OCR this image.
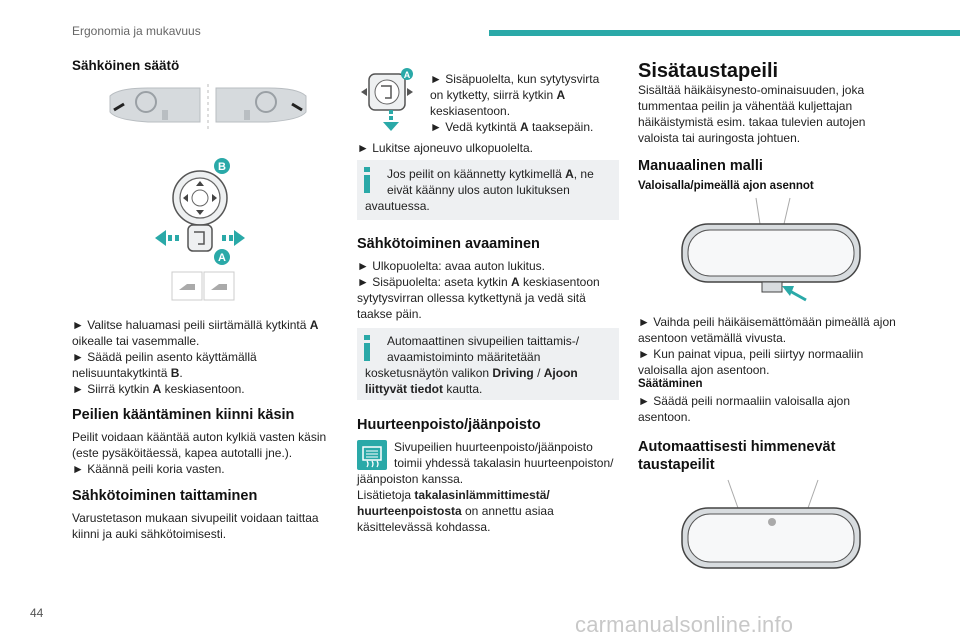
Ergonomia ja mukavuus
44	carmanualsonline.info
Sähköinen säätö
B
A
► Valitse haluamasi peili siirtämällä kytkintä A
oikealle tai vasemmalle.
► Säädä peilin asento käyttämällä
nelisuuntakytkintä B.
► Siirrä kytkin A keskiasentoon.
Peilien kääntäminen kiinni käsin
Peilit voidaan kääntää auton kylkiä vasten käsin
(este pysäköitäessä, kapea autotalli jne.).
► Käännä peili koria vasten.
Sähkötoiminen taittaminen
Varustetason mukaan sivupeilit voidaan taittaa
kiinni ja auki sähkötoimisesti.
A ► Sisäpuolelta, kun sytytysvirta
on kytketty, siirrä kytkin A
keskiasentoon.
► Vedä kytkintä A taaksepäin.
► Lukitse ajoneuvo ulkopuolelta.
Jos peilit on käännetty kytkimellä A, ne
eivät käänny ulos auton lukituksen
avautuessa.
Sähkötoiminen avaaminen
► Ulkopuolelta: avaa auton lukitus.
► Sisäpuolelta: aseta kytkin A keskiasentoon
sytytysvirran ollessa kytkettynä ja vedä sitä
taakse päin.
Automaattinen sivupeilien taittamis-/
avaamistoiminto määritetään
kosketusnäytön valikon Driving / Ajoon
liittyvät tiedot kautta.
Huurteenpoisto/jäänpoisto
Sivupeilien huurteenpoisto/jäänpoisto
toimii yhdessä takalasin huurteenpoiston/
jäänpoiston kanssa.
Lisätietoja takalasinlämmittimestä/
huurteenpoistosta on annettu asiaa
käsittelevässä kohdassa.
Sisätaustapeili
Sisältää häikäisynesto-ominaisuuden, joka
tummentaa peilin ja vähentää kuljettajan
häikäistymistä esim. takaa tulevien autojen
valoista tai auringosta johtuen.
Manuaalinen malli
Valoisalla/pimeällä ajon asennot
► Vaihda peili häikäisemättömään pimeällä ajon
asentoon vetämällä vivusta.
► Kun painat vipua, peili siirtyy normaaliin
valoisalla ajon asentoon.
Säätäminen
► Säädä peili normaaliin valoisalla ajon
asentoon.
Automaattisesti himmenevät
taustapeilit
